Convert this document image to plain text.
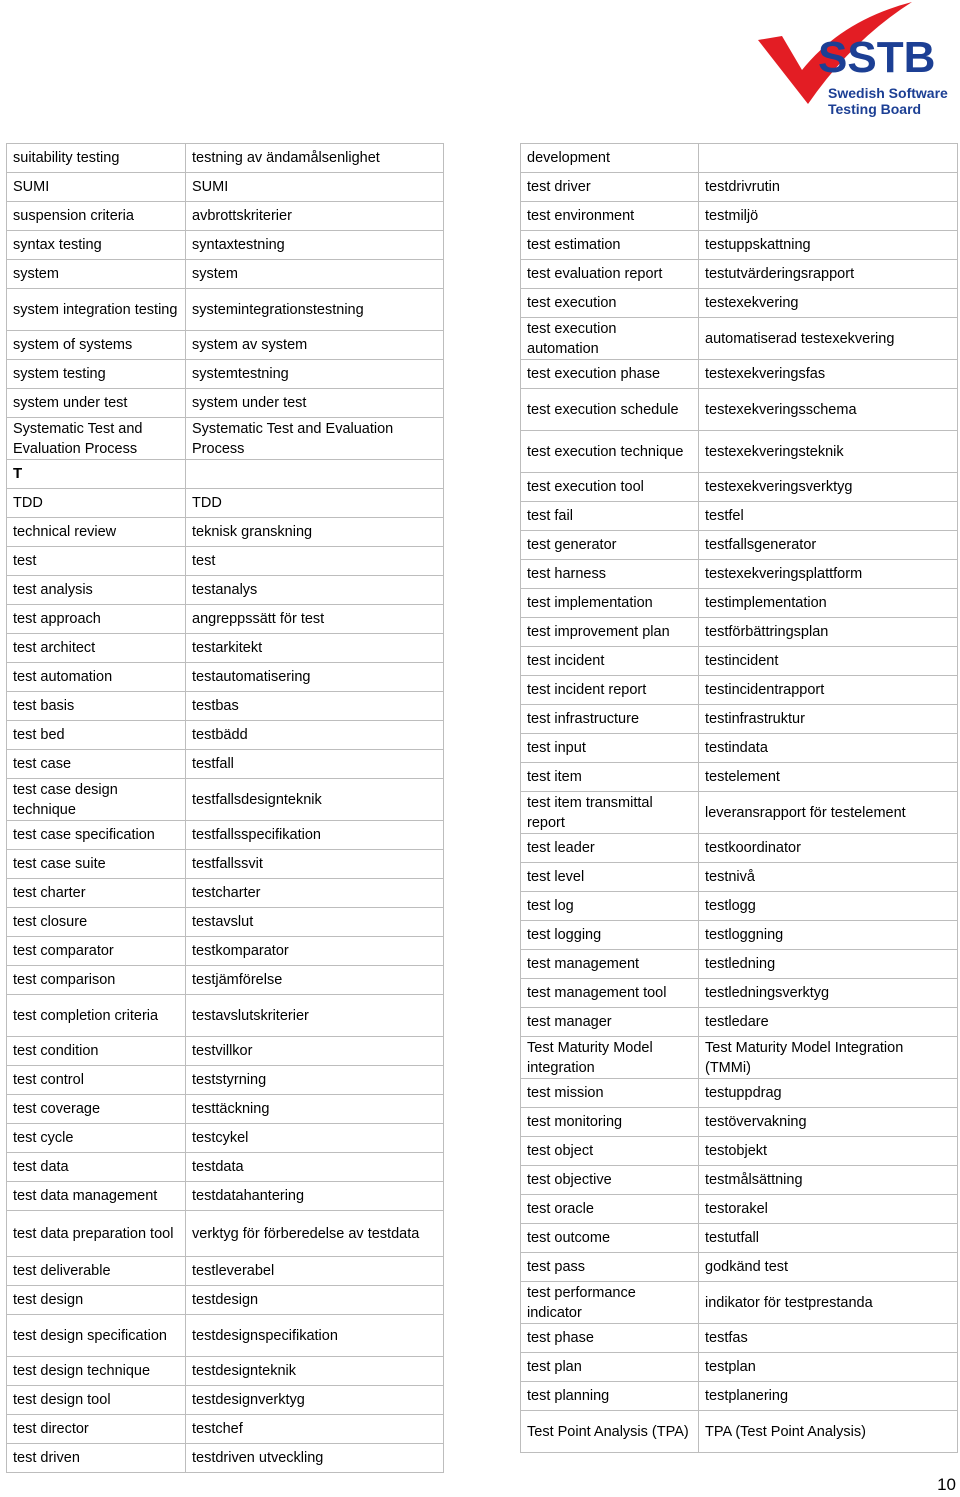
SSTB
Swedish Software
Testing Board
suitability testing	testning av ändamålsenlighet
SUMI	SUMI
suspension criteria	avbrottskriterier
syntax testing	syntaxtestning
system	system
system integration testing	systemintegrationstestning
system of systems	system av system
system testing	systemtestning
system under test	system under test
Systematic Test and Evaluation Process	Systematic Test and Evaluation Process
T	
TDD	TDD
technical review	teknisk granskning
test	test
test analysis	testanalys
test approach	angreppssätt för test
test architect	testarkitekt
test automation	testautomatisering
test basis	testbas
test bed	testbädd
test case	testfall
test case design technique	testfallsdesignteknik
test case specification	testfallsspecifikation
test case suite	testfallssvit
test charter	testcharter
test closure	testavslut
test comparator	testkomparator
test comparison	testjämförelse
test completion criteria	testavslutskriterier
test condition	testvillkor
test control	teststyrning
test coverage	testtäckning
test cycle	testcykel
test data	testdata
test data management	testdatahantering
test data preparation tool	verktyg för förberedelse av testdata
test deliverable	testleverabel
test design	testdesign
test design specification	testdesignspecifikation
test design technique	testdesignteknik
test design tool	testdesignverktyg
test director	testchef
test driven	testdriven utveckling
development	
test driver	testdrivrutin
test environment	testmiljö
test estimation	testuppskattning
test evaluation report	testutvärderingsrapport
test execution	testexekvering
test execution automation	automatiserad testexekvering
test execution phase	testexekveringsfas
test execution schedule	testexekveringsschema
test execution technique	testexekveringsteknik
test execution tool	testexekveringsverktyg
test fail	testfel
test generator	testfallsgenerator
test harness	testexekveringsplattform
test implementation	testimplementation
test improvement plan	testförbättringsplan
test incident	testincident
test incident report	testincidentrapport
test infrastructure	testinfrastruktur
test input	testindata
test item	testelement
test item transmittal report	leveransrapport för testelement
test leader	testkoordinator
test level	testnivå
test log	testlogg
test logging	testloggning
test management	testledning
test management tool	testledningsverktyg
test manager	testledare
Test Maturity Model integration	Test Maturity Model Integration (TMMi)
test mission	testuppdrag
test monitoring	testövervakning
test object	testobjekt
test objective	testmålsättning
test oracle	testorakel
test outcome	testutfall
test pass	godkänd test
test performance indicator	indikator för testprestanda
test phase	testfas
test plan	testplan
test planning	testplanering
Test Point Analysis (TPA)	TPA (Test Point Analysis)
10
